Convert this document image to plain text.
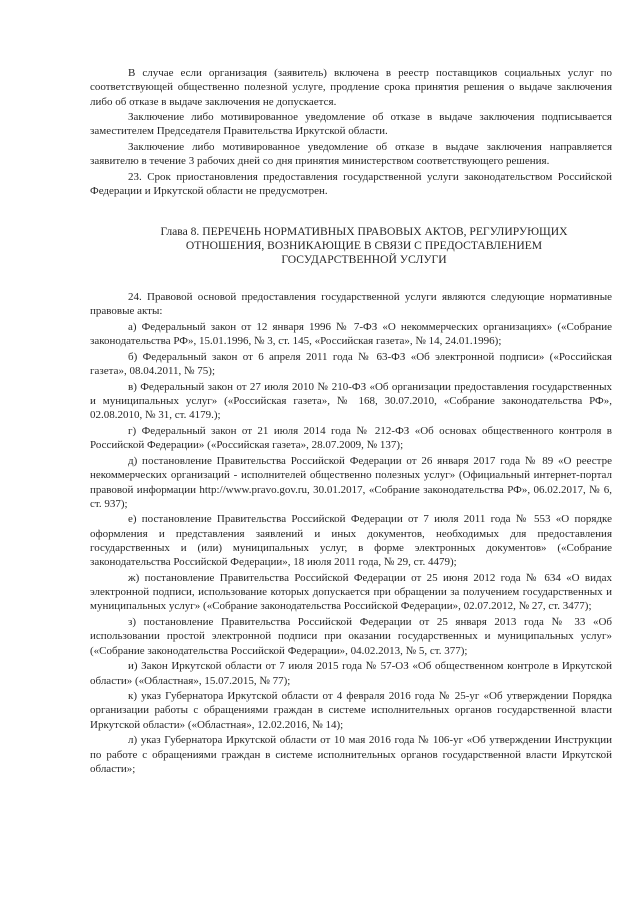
В случае если организация (заявитель) включена в реестр поставщиков социальных услуг по соответствующей общественно полезной услуге, продление срока принятия решения о выдаче заключения либо об отказе в выдаче заключения не допускается.

Заключение либо мотивированное уведомление об отказе в выдаче заключения подписывается заместителем Председателя Правительства Иркутской области.

Заключение либо мотивированное уведомление об отказе в выдаче заключения направляется заявителю в течение 3 рабочих дней со дня принятия министерством соответствующего решения.

23. Срок приостановления предоставления государственной услуги законодательством Российской Федерации и Иркутской области не предусмотрен.

Глава 8. ПЕРЕЧЕНЬ НОРМАТИВНЫХ ПРАВОВЫХ АКТОВ, РЕГУЛИРУЮЩИХ
ОТНОШЕНИЯ, ВОЗНИКАЮЩИЕ В СВЯЗИ С ПРЕДОСТАВЛЕНИЕМ
ГОСУДАРСТВЕННОЙ УСЛУГИ

24. Правовой основой предоставления государственной услуги являются следующие нормативные правовые акты:

а) Федеральный закон от 12 января 1996 № 7-ФЗ «О некоммерческих организациях» («Собрание законодательства РФ», 15.01.1996, № 3, ст. 145, «Российская газета», № 14, 24.01.1996);

б) Федеральный закон от 6 апреля 2011 года № 63-ФЗ «Об электронной подписи» («Российская газета», 08.04.2011, № 75);

в) Федеральный закон от 27 июля 2010 № 210-ФЗ «Об организации предоставления государственных и муниципальных услуг» («Российская газета», № 168, 30.07.2010, «Собрание законодательства РФ», 02.08.2010, № 31, ст. 4179.);

г) Федеральный закон от 21 июля 2014 года № 212-ФЗ «Об основах общественного контроля в Российской Федерации» («Российская газета», 28.07.2009, № 137);

д) постановление Правительства Российской Федерации от 26 января 2017 года № 89 «О реестре некоммерческих организаций - исполнителей общественно полезных услуг» (Официальный интернет-портал правовой информации http://www.pravo.gov.ru, 30.01.2017, «Собрание законодательства РФ», 06.02.2017, № 6, ст. 937);

е) постановление Правительства Российской Федерации от 7 июля 2011 года № 553 «О порядке оформления и представления заявлений и иных документов, необходимых для предоставления государственных и (или) муниципальных услуг, в форме электронных документов» («Собрание законодательства Российской Федерации», 18 июля 2011 года, № 29, ст. 4479);

ж) постановление Правительства Российской Федерации от 25 июня 2012 года № 634 «О видах электронной подписи, использование которых допускается при обращении за получением государственных и муниципальных услуг» («Собрание законодательства Российской Федерации», 02.07.2012, № 27, ст. 3477);

з) постановление Правительства Российской Федерации от 25 января 2013 года № 33 «Об использовании простой электронной подписи при оказании государственных и муниципальных услуг» («Собрание законодательства Российской Федерации», 04.02.2013, № 5, ст. 377);

и) Закон Иркутской области от 7 июля 2015 года № 57-ОЗ «Об общественном контроле в Иркутской области» («Областная», 15.07.2015, № 77);

к) указ Губернатора Иркутской области от 4 февраля 2016 года № 25-уг «Об утверждении Порядка организации работы с обращениями граждан в системе исполнительных органов государственной власти Иркутской области» («Областная», 12.02.2016, № 14);

л) указ Губернатора Иркутской области от 10 мая 2016 года № 106-уг «Об утверждении Инструкции по работе с обращениями граждан в системе исполнительных органов государственной власти Иркутской области»;
